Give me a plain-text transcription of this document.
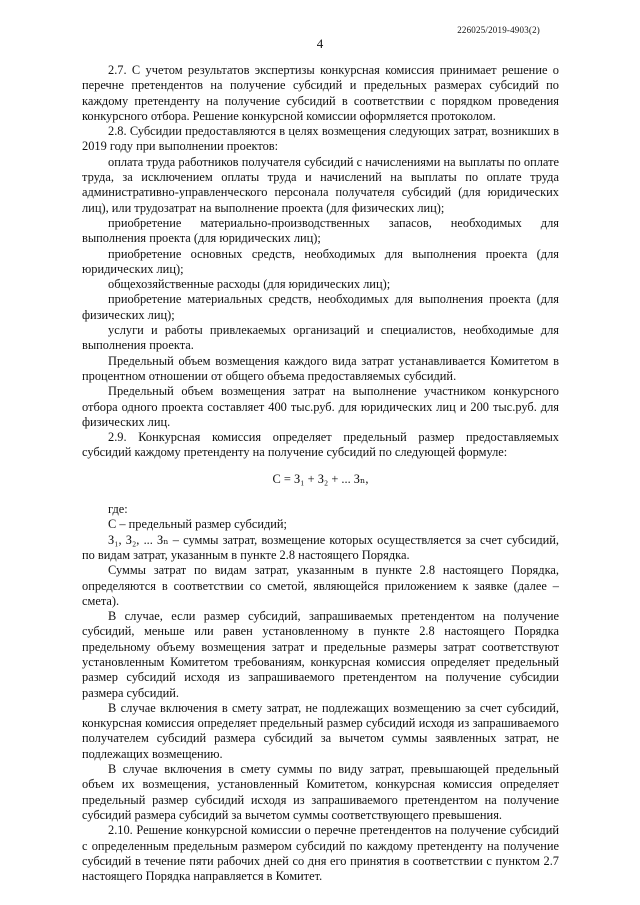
226025/2019-4903(2)
4

2.7. С учетом результатов экспертизы конкурсная комиссия принимает решение о перечне претендентов на получение субсидий и предельных размерах субсидий по каждому претенденту на получение субсидий в соответствии с порядком проведения конкурсного отбора. Решение конкурсной комиссии оформляется протоколом.

2.8. Субсидии предоставляются в целях возмещения следующих затрат, возникших в 2019 году при выполнении проектов:

оплата труда работников получателя субсидий с начислениями на выплаты по оплате труда, за исключением оплаты труда и начислений на выплаты по оплате труда административно-управленческого персонала получателя субсидий (для юридических лиц), или трудозатрат на выполнение проекта (для физических лиц);

приобретение материально-производственных запасов, необходимых для выполнения проекта (для юридических лиц);

приобретение основных средств, необходимых для выполнения проекта (для юридических лиц);

общехозяйственные расходы (для юридических лиц);

приобретение материальных средств, необходимых для выполнения проекта (для физических лиц);

услуги и работы привлекаемых организаций и специалистов, необходимые для выполнения проекта.

Предельный объем возмещения каждого вида затрат устанавливается Комитетом в процентном отношении от общего объема предоставляемых субсидий.

Предельный объем возмещения затрат на выполнение участником конкурсного отбора одного проекта составляет 400 тыс.руб. для юридических лиц и 200 тыс.руб. для физических лиц.

2.9. Конкурсная комиссия определяет предельный размер предоставляемых субсидий каждому претенденту на получение субсидий по следующей формуле:

С = З₁ + З₂ + ... Зₙ,

где:

С – предельный размер субсидий;

З₁, З₂, ... Зₙ – суммы затрат, возмещение которых осуществляется за счет субсидий, по видам затрат, указанным в пункте 2.8 настоящего Порядка.

Суммы затрат по видам затрат, указанным в пункте 2.8 настоящего Порядка, определяются в соответствии со сметой, являющейся приложением к заявке (далее – смета).

В случае, если размер субсидий, запрашиваемых претендентом на получение субсидий, меньше или равен установленному в пункте 2.8 настоящего Порядка предельному объему возмещения затрат и предельные размеры затрат соответствуют установленным Комитетом требованиям, конкурсная комиссия определяет предельный размер субсидий исходя из запрашиваемого претендентом на получение субсидии размера субсидий.

В случае включения в смету затрат, не подлежащих возмещению за счет субсидий, конкурсная комиссия определяет предельный размер субсидий исходя из запрашиваемого получателем субсидий размера субсидий за вычетом суммы заявленных затрат, не подлежащих возмещению.

В случае включения в смету суммы по виду затрат, превышающей предельный объем их возмещения, установленный Комитетом, конкурсная комиссия определяет предельный размер субсидий исходя из запрашиваемого претендентом на получение субсидий размера субсидий за вычетом суммы соответствующего превышения.

2.10. Решение конкурсной комиссии о перечне претендентов на получение субсидий с определенным предельным размером субсидий по каждому претенденту на получение субсидий в течение пяти рабочих дней со дня его принятия в соответствии с пунктом 2.7 настоящего Порядка направляется в Комитет.
